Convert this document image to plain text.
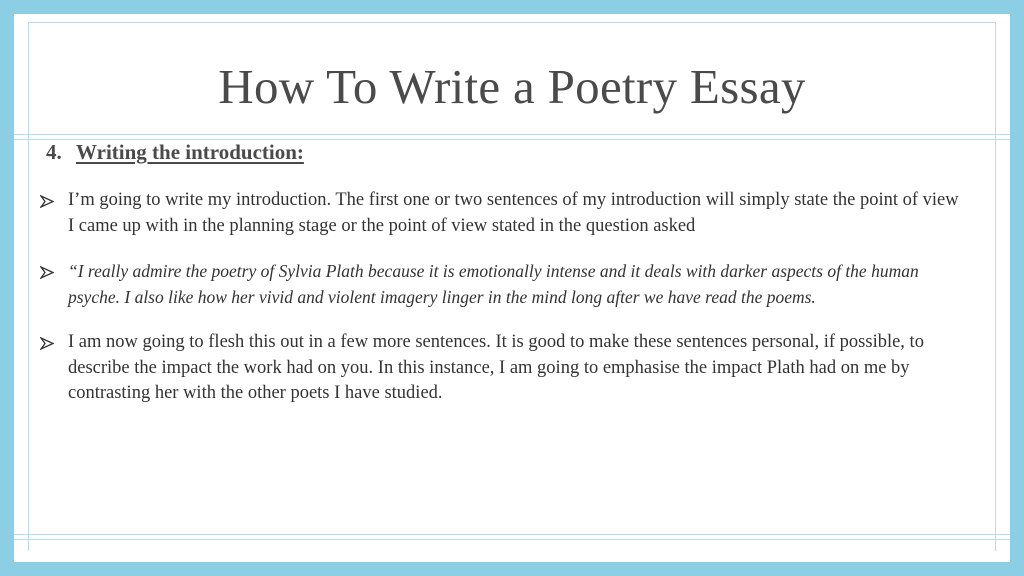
How To Write a Poetry Essay
4. Writing the introduction:
I’m going to write my introduction. The first one or two sentences of my introduction will simply state the point of view I came up with in the planning stage or the point of view stated in the question asked
“I really admire the poetry of Sylvia Plath because it is emotionally intense and it deals with darker aspects of the human psyche. I also like how her vivid and violent imagery linger in the mind long after we have read the poems.
I am now going to flesh this out in a few more sentences. It is good to make these sentences personal, if possible, to describe the impact the work had on you. In this instance, I am going to emphasise the impact Plath had on me by contrasting her with the other poets I have studied.
